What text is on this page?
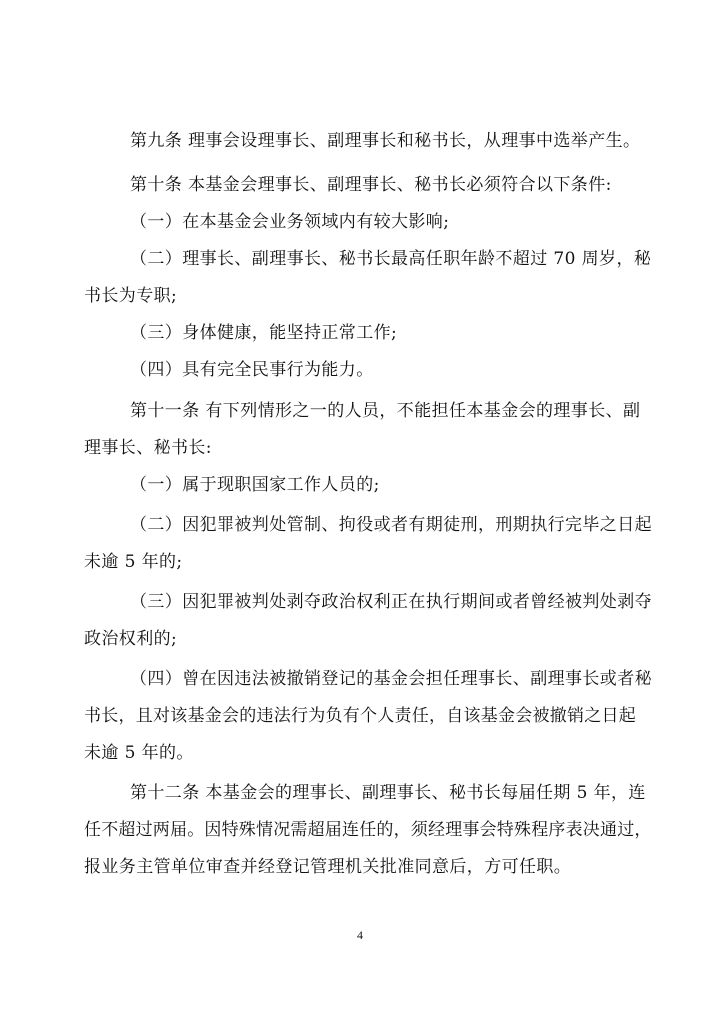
第九条 理事会设理事长、副理事长和秘书长，从理事中选举产生。
第十条 本基金会理事长、副理事长、秘书长必须符合以下条件:
（一）在本基金会业务领域内有较大影响;
（二）理事长、副理事长、秘书长最高任职年龄不超过 70 周岁，秘
书长为专职;
（三）身体健康，能坚持正常工作;
（四）具有完全民事行为能力。
第十一条 有下列情形之一的人员，不能担任本基金会的理事长、副
理事长、秘书长:
（一）属于现职国家工作人员的;
（二）因犯罪被判处管制、拘役或者有期徒刑，刑期执行完毕之日起
未逾 5 年的;
（三）因犯罪被判处剥夺政治权利正在执行期间或者曾经被判处剥夺
政治权利的;
（四）曾在因违法被撤销登记的基金会担任理事长、副理事长或者秘
书长，且对该基金会的违法行为负有个人责任，自该基金会被撤销之日起
未逾 5 年的。
第十二条 本基金会的理事长、副理事长、秘书长每届任期 5 年，连
任不超过两届。因特殊情况需超届连任的，须经理事会特殊程序表决通过，
报业务主管单位审查并经登记管理机关批准同意后，方可任职。
4
